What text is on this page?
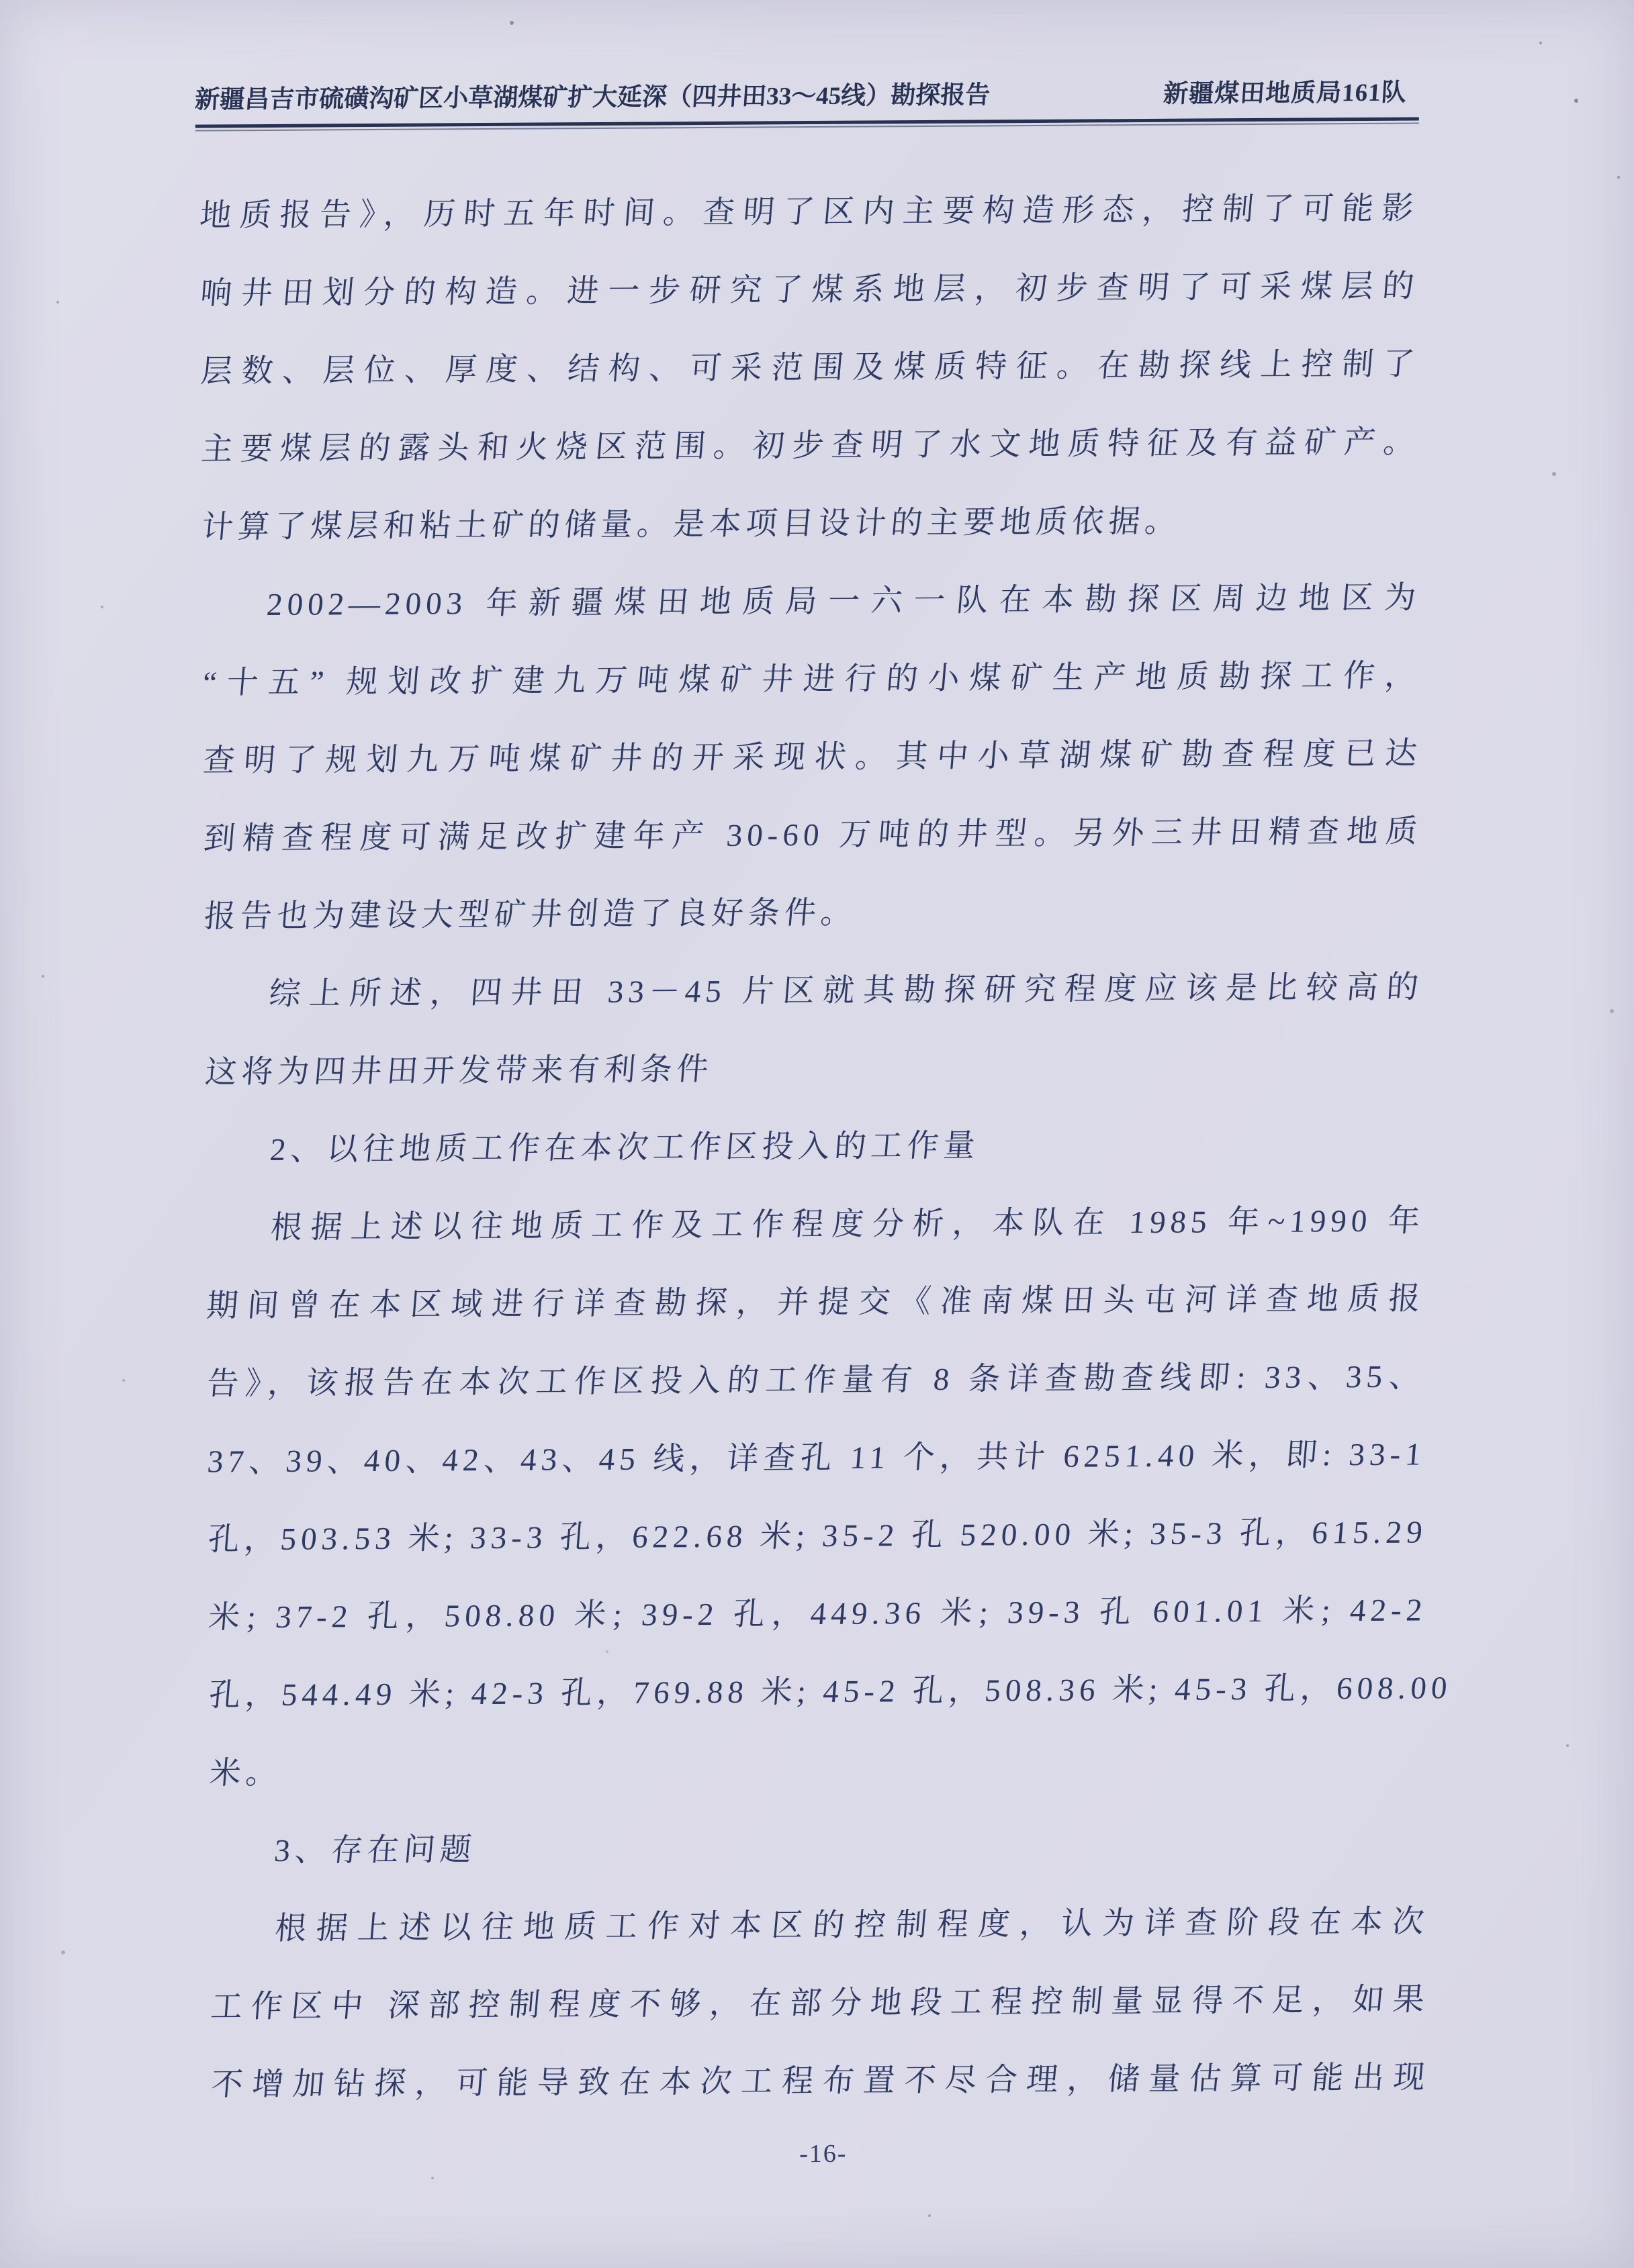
新疆昌吉市硫磺沟矿区小草湖煤矿扩大延深（四井田33～45线）勘探报告	新疆煤田地质局161队
地质报告》，历时五年时间。查明了区内主要构造形态，控制了可能影
响井田划分的构造。进一步研究了煤系地层，初步查明了可采煤层的
层数、层位、厚度、结构、可采范围及煤质特征。在勘探线上控制了
主要煤层的露头和火烧区范围。初步查明了水文地质特征及有益矿产。
计算了煤层和粘土矿的储量。是本项目设计的主要地质依据。
2002—2003 年新疆煤田地质局一六一队在本勘探区周边地区为
“十五” 规划改扩建九万吨煤矿井进行的小煤矿生产地质勘探工作，
查明了规划九万吨煤矿井的开采现状。其中小草湖煤矿勘查程度已达
到精查程度可满足改扩建年产 30-60 万吨的井型。另外三井田精查地质
报告也为建设大型矿井创造了良好条件。
综上所述，四井田 33－45 片区就其勘探研究程度应该是比较高的
这将为四井田开发带来有利条件
2、以往地质工作在本次工作区投入的工作量
根据上述以往地质工作及工作程度分析，本队在 1985 年~1990 年
期间曾在本区域进行详查勘探，并提交《准南煤田头屯河详查地质报
告》，该报告在本次工作区投入的工作量有 8 条详查勘查线即: 33、35、
37、39、40、42、43、45 线，详查孔 11 个，共计 6251.40 米，即: 33-1
孔，503.53 米; 33-3 孔，622.68 米; 35-2 孔 520.00 米; 35-3 孔，615.29
米; 37-2 孔，508.80 米; 39-2 孔，449.36 米; 39-3 孔 601.01 米; 42-2
孔，544.49 米; 42-3 孔，769.88 米; 45-2 孔，508.36 米; 45-3 孔，608.00
米。
3、存在问题
根据上述以往地质工作对本区的控制程度，认为详查阶段在本次
工作区中 深部控制程度不够，在部分地段工程控制量显得不足，如果
不增加钻探，可能导致在本次工程布置不尽合理，储量估算可能出现
-16-
